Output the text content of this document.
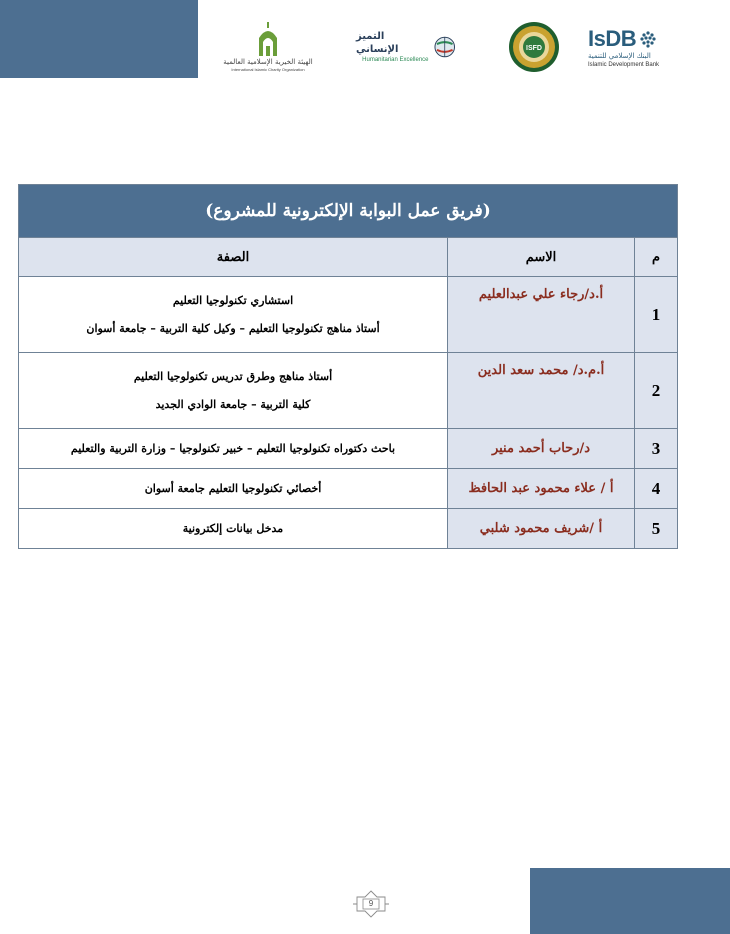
IsDB
البنك الإسلامي للتنمية
Islamic Development Bank
ISFD
التميز الإنساني
Humanitarian Excellence
الهيئة الخيرية الإسلامية العالمية
International Islamic Charity Organization
(فريق عمل البوابة الإلكترونية للمشروع)		
م	الاسم	الصفة
1	أ.د/رجاء علي عبدالعليم	استشاري تكنولوجيا التعليم
أستاذ مناهج تكنولوجيا التعليم – وكيل كلية التربية – جامعة أسوان

2	أ.م.د/ محمد سعد الدين	أستاذ مناهج وطرق تدريس تكنولوجيا التعليم
كلية التربية – جامعة الوادي الجديد

3	د/رحاب أحمد منير	باحث دكتوراه تكنولوجيا التعليم – خبير تكنولوجيا – وزارة التربية والتعليم

4	أ / علاء محمود عبد الحافظ	أخصائي تكنولوجيا التعليم جامعة أسوان

5	أ /شريف محمود شلبي	مدخل بيانات إلكترونية
9
